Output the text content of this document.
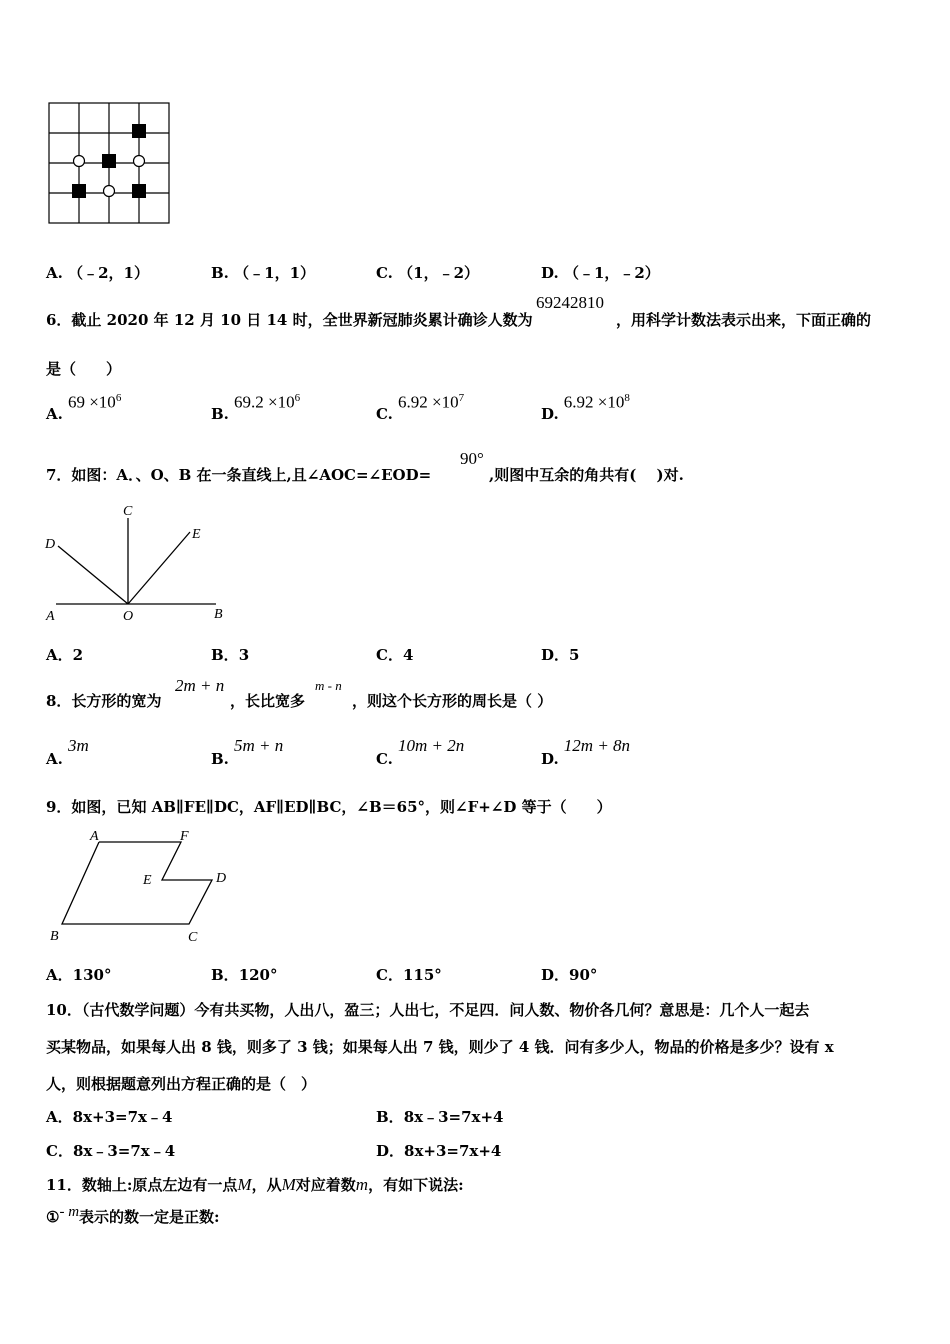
A. （﹣2，1）	B. （﹣1，1）	C. （1，﹣2）	D. （﹣1，﹣2）
6．截止 2020 年 12 月 10 日 14 时，全世界新冠肺炎累计确诊人数为
69242810
，用科学计数法表示出来，下面正确的
是（　　）
A. $69 \times 10^6$
B. $69.2 \times 10^6$
C. $6.92 \times 10^7$
D. $6.92 \times 10^8$
7．如图：A．、O、B 在一条直线上,且∠AOC=∠EOD=
90°
,则图中互余的角共有(　 )对.
C
D
E
A	O	B
A．2	B．3	C．4	D．5
8．长方形的宽为
2m + n
，长比宽多
m - n
，则这个长方形的周长是（ ）
A. 3m
B. 5m + n
C. 10m + 2n
D. 12m + 8n
9．如图，已知 AB∥FE∥DC，AF∥ED∥BC，∠B＝65°，则∠F+∠D 等于（　　）
A	F
E	D
B	C
A．130°	B．120°	C．115°	D．90°
10．（古代数学问题）今有共买物，人出八，盈三；人出七，不足四．问人数、物价各几何？意思是：几个人一起去
买某物品，如果每人出 8 钱，则多了 3 钱；如果每人出 7 钱，则少了 4 钱．问有多少人，物品的价格是多少？设有 x
人，则根据题意列出方程正确的是（　）
A．8x+3=7x﹣4	B．8x﹣3=7x+4
C．8x﹣3=7x﹣4	D．8x+3=7x+4
11．数轴上:原点左边有一点M，从M对应着数m，有如下说法:
①- m表示的数一定是正数:
